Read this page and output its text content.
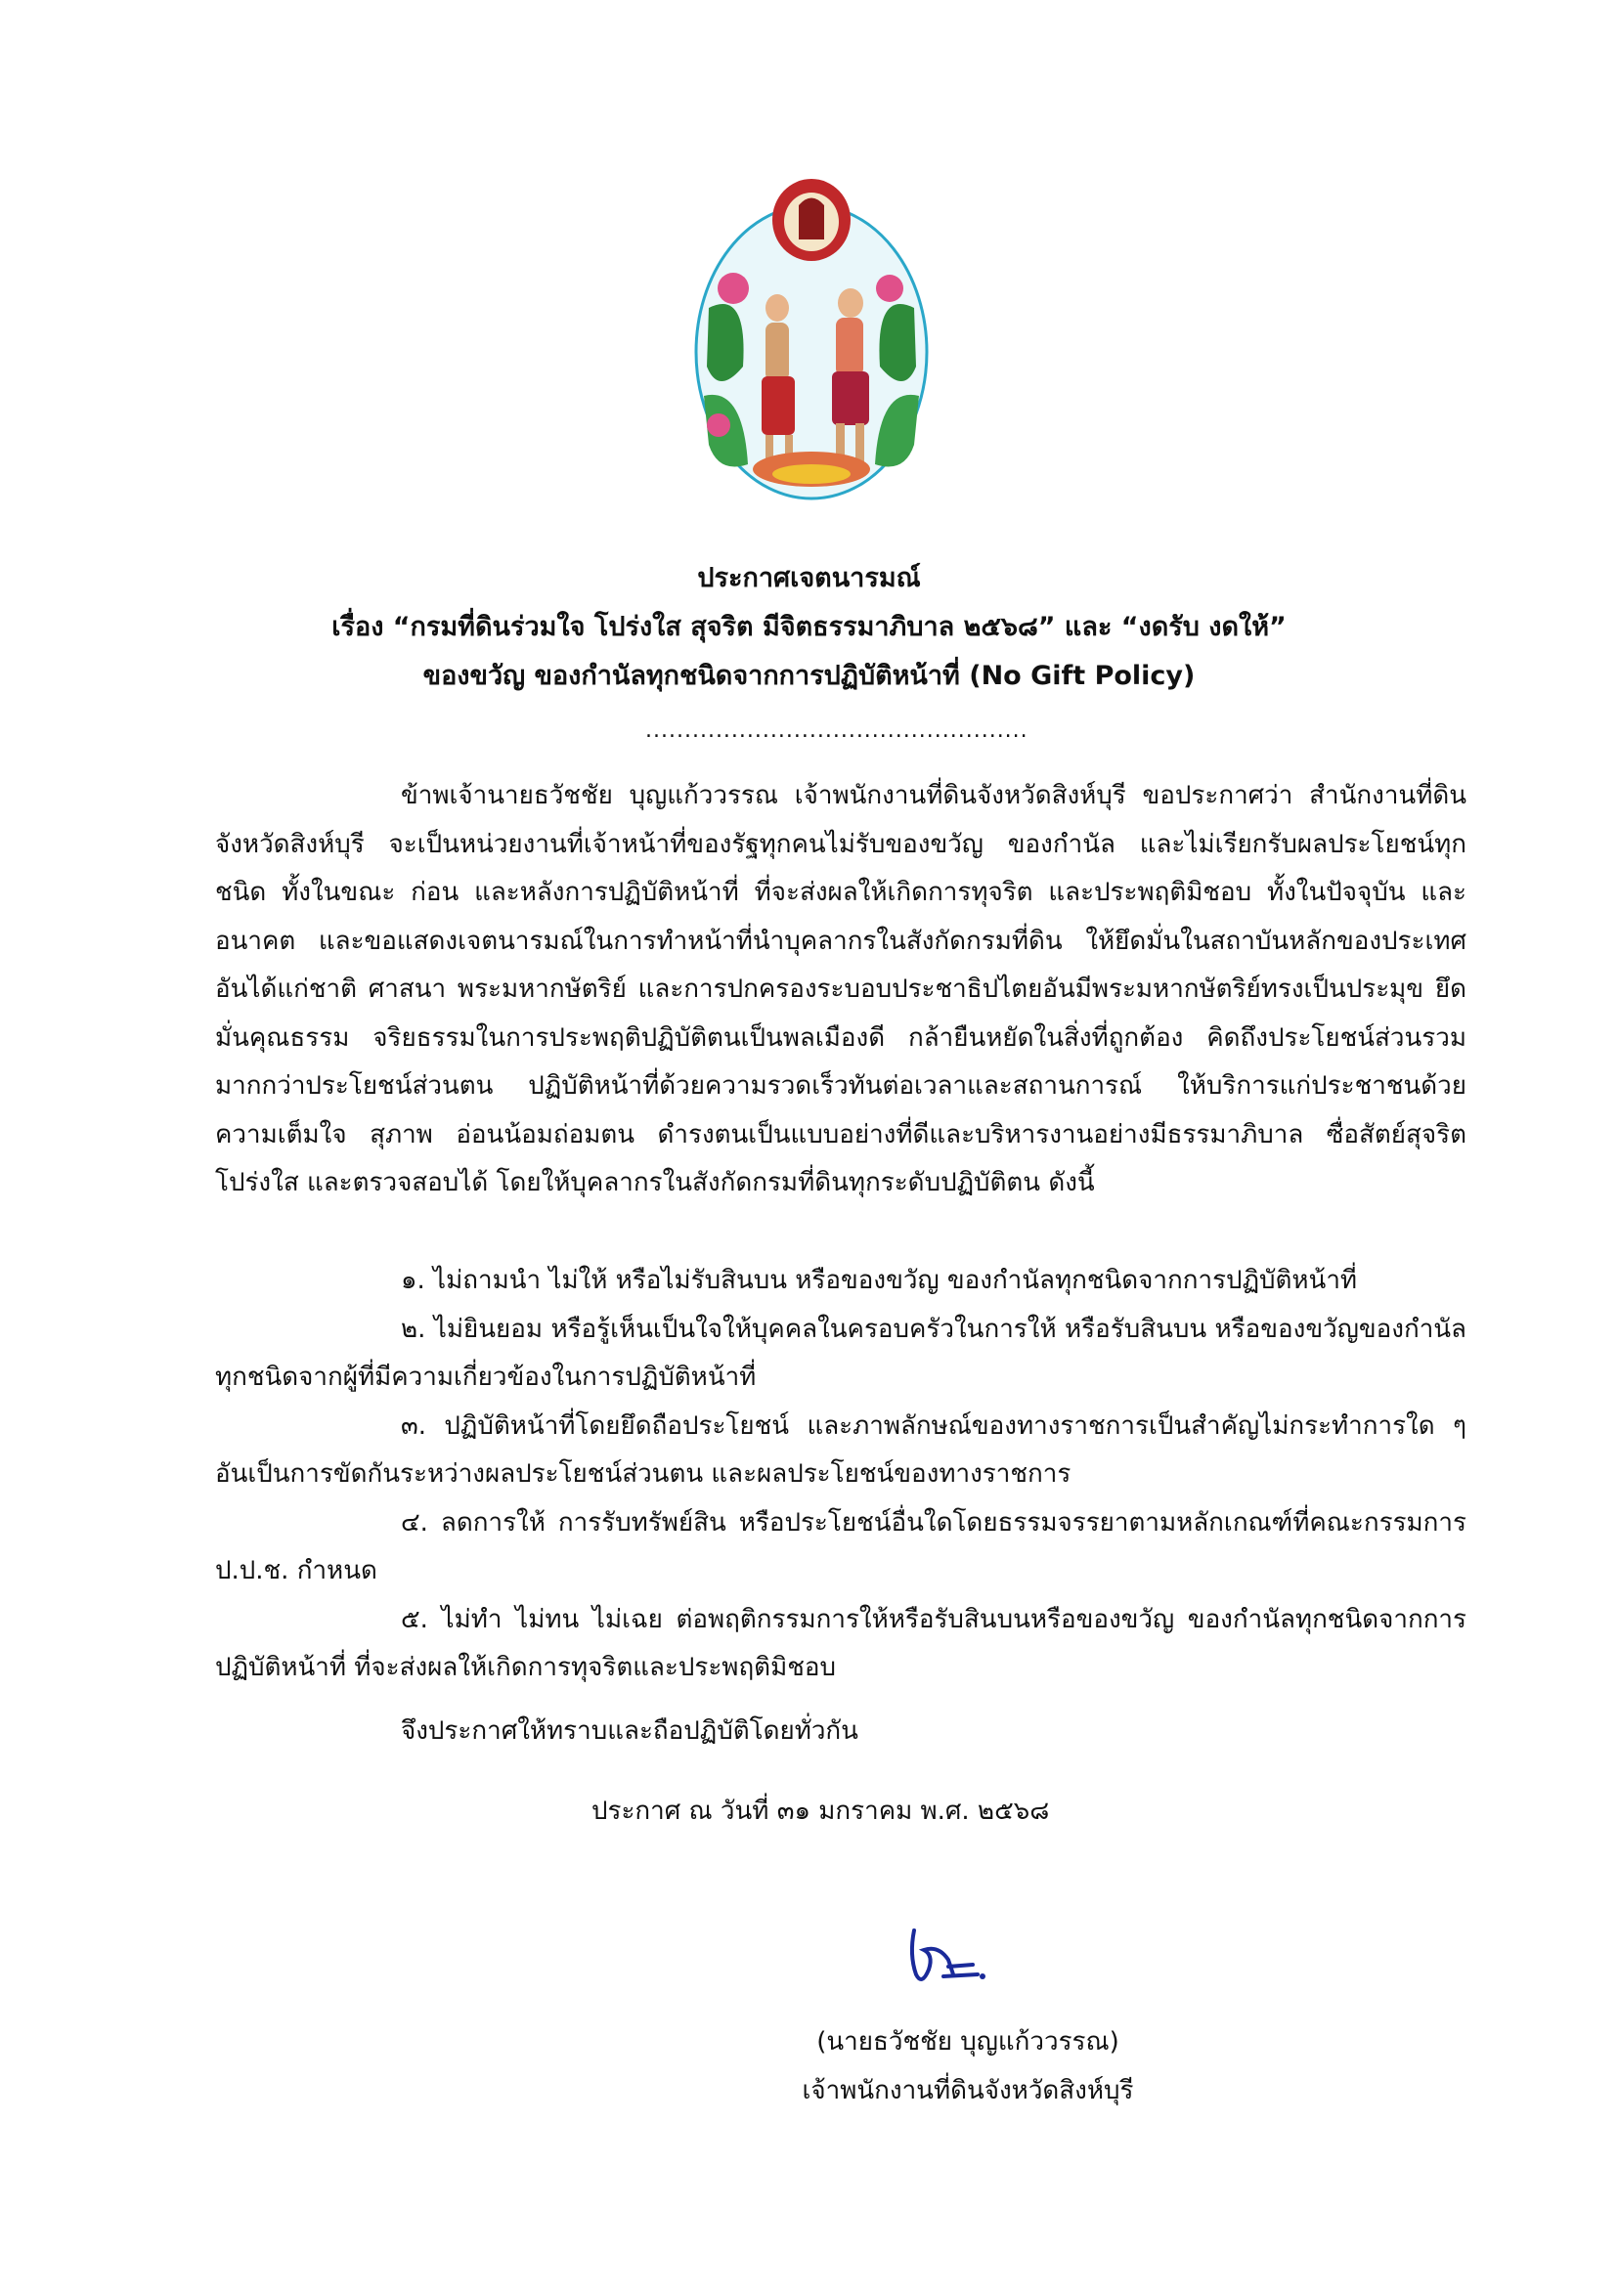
ประกาศเจตนารมณ์
เรื่อง “กรมที่ดินร่วมใจ โปร่งใส สุจริต มีจิตธรรมาภิบาล ๒๕๖๘” และ “งดรับ งดให้”
ของขวัญ ของกำนัลทุกชนิดจากการปฏิบัติหน้าที่ (No Gift Policy)
.................................................

ข้าพเจ้านายธวัชชัย บุญแก้ววรรณ เจ้าพนักงานที่ดินจังหวัดสิงห์บุรี ขอประกาศว่า สำนักงานที่ดินจังหวัดสิงห์บุรี จะเป็นหน่วยงานที่เจ้าหน้าที่ของรัฐทุกคนไม่รับของขวัญ ของกำนัล และไม่เรียกรับผลประโยชน์ทุกชนิด ทั้งในขณะ ก่อน และหลังการปฏิบัติหน้าที่ ที่จะส่งผลให้เกิดการทุจริต และประพฤติมิชอบ ทั้งในปัจจุบัน และอนาคต และขอแสดงเจตนารมณ์ในการทำหน้าที่นำบุคลากรในสังกัดกรมที่ดิน ให้ยึดมั่นในสถาบันหลักของประเทศ อันได้แก่ชาติ ศาสนา พระมหากษัตริย์ และการปกครองระบอบประชาธิปไตยอันมีพระมหากษัตริย์ทรงเป็นประมุข ยึดมั่นคุณธรรม จริยธรรมในการประพฤติปฏิบัติตนเป็นพลเมืองดี กล้ายืนหยัดในสิ่งที่ถูกต้อง คิดถึงประโยชน์ส่วนรวมมากกว่าประโยชน์ส่วนตน ปฏิบัติหน้าที่ด้วยความรวดเร็วทันต่อเวลาและสถานการณ์ ให้บริการแก่ประชาชนด้วยความเต็มใจ สุภาพ อ่อนน้อมถ่อมตน ดำรงตนเป็นแบบอย่างที่ดีและบริหารงานอย่างมีธรรมาภิบาล ซื่อสัตย์สุจริต โปร่งใส และตรวจสอบได้ โดยให้บุคลากรในสังกัดกรมที่ดินทุกระดับปฏิบัติตน ดังนี้

๑. ไม่ถามนำ ไม่ให้ หรือไม่รับสินบน หรือของขวัญ ของกำนัลทุกชนิดจากการปฏิบัติหน้าที่

๒. ไม่ยินยอม หรือรู้เห็นเป็นใจให้บุคคลในครอบครัวในการให้ หรือรับสินบน หรือของขวัญของกำนัลทุกชนิดจากผู้ที่มีความเกี่ยวข้องในการปฏิบัติหน้าที่

๓. ปฏิบัติหน้าที่โดยยึดถือประโยชน์ และภาพลักษณ์ของทางราชการเป็นสำคัญไม่กระทำการใด ๆ อันเป็นการขัดกันระหว่างผลประโยชน์ส่วนตน และผลประโยชน์ของทางราชการ

๔. ลดการให้ การรับทรัพย์สิน หรือประโยชน์อื่นใดโดยธรรมจรรยาตามหลักเกณฑ์ที่คณะกรรมการ ป.ป.ช. กำหนด

๕. ไม่ทำ ไม่ทน ไม่เฉย ต่อพฤติกรรมการให้หรือรับสินบนหรือของขวัญ ของกำนัลทุกชนิดจากการปฏิบัติหน้าที่ ที่จะส่งผลให้เกิดการทุจริตและประพฤติมิชอบ

จึงประกาศให้ทราบและถือปฏิบัติโดยทั่วกัน
ประกาศ ณ วันที่ ๓๑ มกราคม พ.ศ. ๒๕๖๘
(นายธวัชชัย บุญแก้ววรรณ)
เจ้าพนักงานที่ดินจังหวัดสิงห์บุรี
